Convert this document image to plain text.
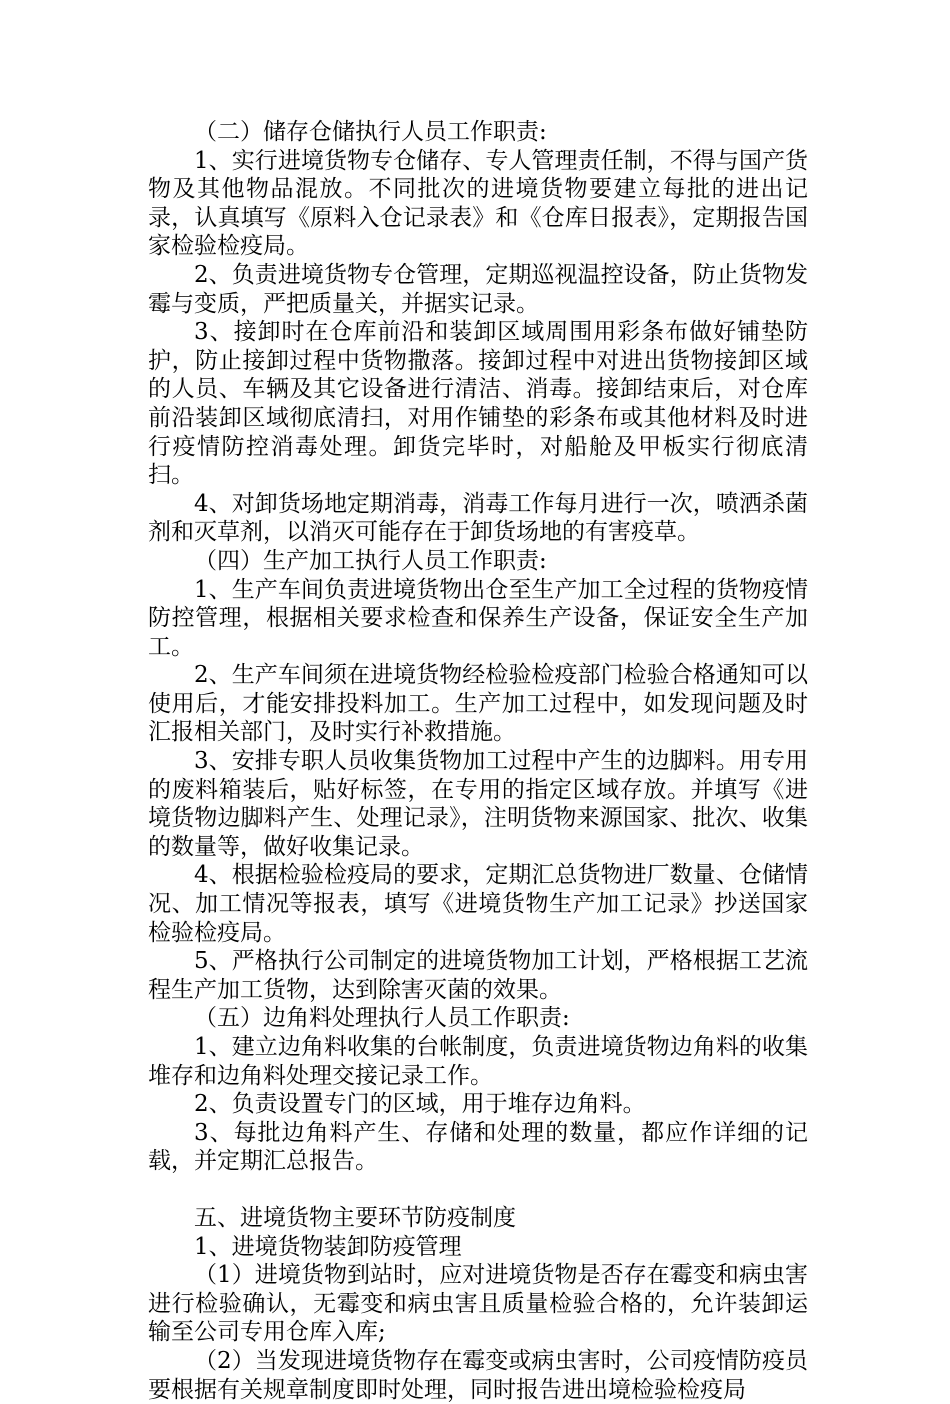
（二）储存仓储执行人员工作职责:

1、实行进境货物专仓储存、专人管理责任制，不得与国产货物及其他物品混放。不同批次的进境货物要建立每批的进出记录，认真填写《原料入仓记录表》和《仓库日报表》，定期报告国家检验检疫局。

2、负责进境货物专仓管理，定期巡视温控设备，防止货物发霉与变质，严把质量关，并据实记录。

3、接卸时在仓库前沿和装卸区域周围用彩条布做好铺垫防护，防止接卸过程中货物撒落。接卸过程中对进出货物接卸区域的人员、车辆及其它设备进行清洁、消毒。接卸结束后，对仓库前沿装卸区域彻底清扫，对用作铺垫的彩条布或其他材料及时进行疫情防控消毒处理。卸货完毕时，对船舱及甲板实行彻底清扫。

4、对卸货场地定期消毒，消毒工作每月进行一次，喷洒杀菌剂和灭草剂，以消灭可能存在于卸货场地的有害疫草。

（四）生产加工执行人员工作职责:

1、生产车间负责进境货物出仓至生产加工全过程的货物疫情防控管理，根据相关要求检查和保养生产设备，保证安全生产加工。

2、生产车间须在进境货物经检验检疫部门检验合格通知可以使用后，才能安排投料加工。生产加工过程中，如发现问题及时汇报相关部门，及时实行补救措施。

3、安排专职人员收集货物加工过程中产生的边脚料。用专用的废料箱装后，贴好标签，在专用的指定区域存放。并填写《进境货物边脚料产生、处理记录》，注明货物来源国家、批次、收集的数量等，做好收集记录。

4、根据检验检疫局的要求，定期汇总货物进厂数量、仓储情况、加工情况等报表，填写《进境货物生产加工记录》抄送国家检验检疫局。

5、严格执行公司制定的进境货物加工计划，严格根据工艺流程生产加工货物，达到除害灭菌的效果。

（五）边角料处理执行人员工作职责:

1、建立边角料收集的台帐制度，负责进境货物边角料的收集堆存和边角料处理交接记录工作。

2、负责设置专门的区域，用于堆存边角料。

3、每批边角料产生、存储和处理的数量，都应作详细的记载，并定期汇总报告。

五、进境货物主要环节防疫制度

1、进境货物装卸防疫管理

（1）进境货物到站时，应对进境货物是否存在霉变和病虫害进行检验确认，无霉变和病虫害且质量检验合格的，允许装卸运输至公司专用仓库入库;

（2）当发现进境货物存在霉变或病虫害时，公司疫情防疫员要根据有关规章制度即时处理，同时报告进出境检验检疫局
